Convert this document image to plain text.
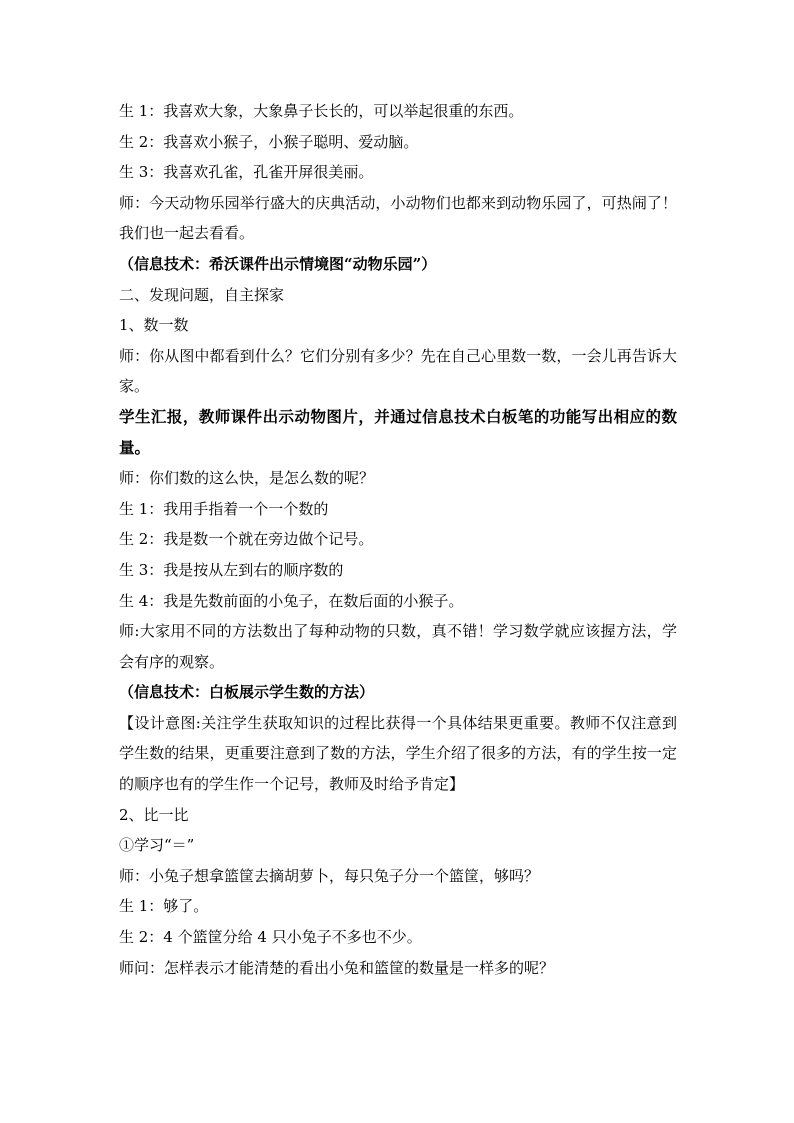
生 1：我喜欢大象，大象鼻子长长的，可以举起很重的东西。

生 2：我喜欢小猴子，小猴子聪明、爱动脑。

生 3：我喜欢孔雀，孔雀开屏很美丽。

师：今天动物乐园举行盛大的庆典活动，小动物们也都来到动物乐园了，可热闹了！我们也一起去看看。

（信息技术：希沃课件出示情境图“动物乐园”）

二、发现问题，自主探家

1、数一数

师：你从图中都看到什么？它们分别有多少？先在自己心里数一数，一会儿再告诉大家。

学生汇报，教师课件出示动物图片，并通过信息技术白板笔的功能写出相应的数量。

师：你们数的这么快，是怎么数的呢？

生 1：我用手指着一个一个数的

生 2：我是数一个就在旁边做个记号。

生 3：我是按从左到右的顺序数的

生 4：我是先数前面的小兔子，在数后面的小猴子。

师:大家用不同的方法数出了每种动物的只数，真不错！学习数学就应该握方法，学会有序的观察。

（信息技术：白板展示学生数的方法）

【设计意图:关注学生获取知识的过程比获得一个具体结果更重要。教师不仅注意到学生数的结果，更重要注意到了数的方法，学生介绍了很多的方法，有的学生按一定的顺序也有的学生作一个记号，教师及时给予肯定】

2、比一比

①学习“＝”

师：小兔子想拿篮筐去摘胡萝卜，每只兔子分一个篮筐，够吗？

生 1：够了。

生 2：4 个篮筐分给 4 只小兔子不多也不少。

师问：怎样表示才能清楚的看出小兔和篮筐的数量是一样多的呢？
